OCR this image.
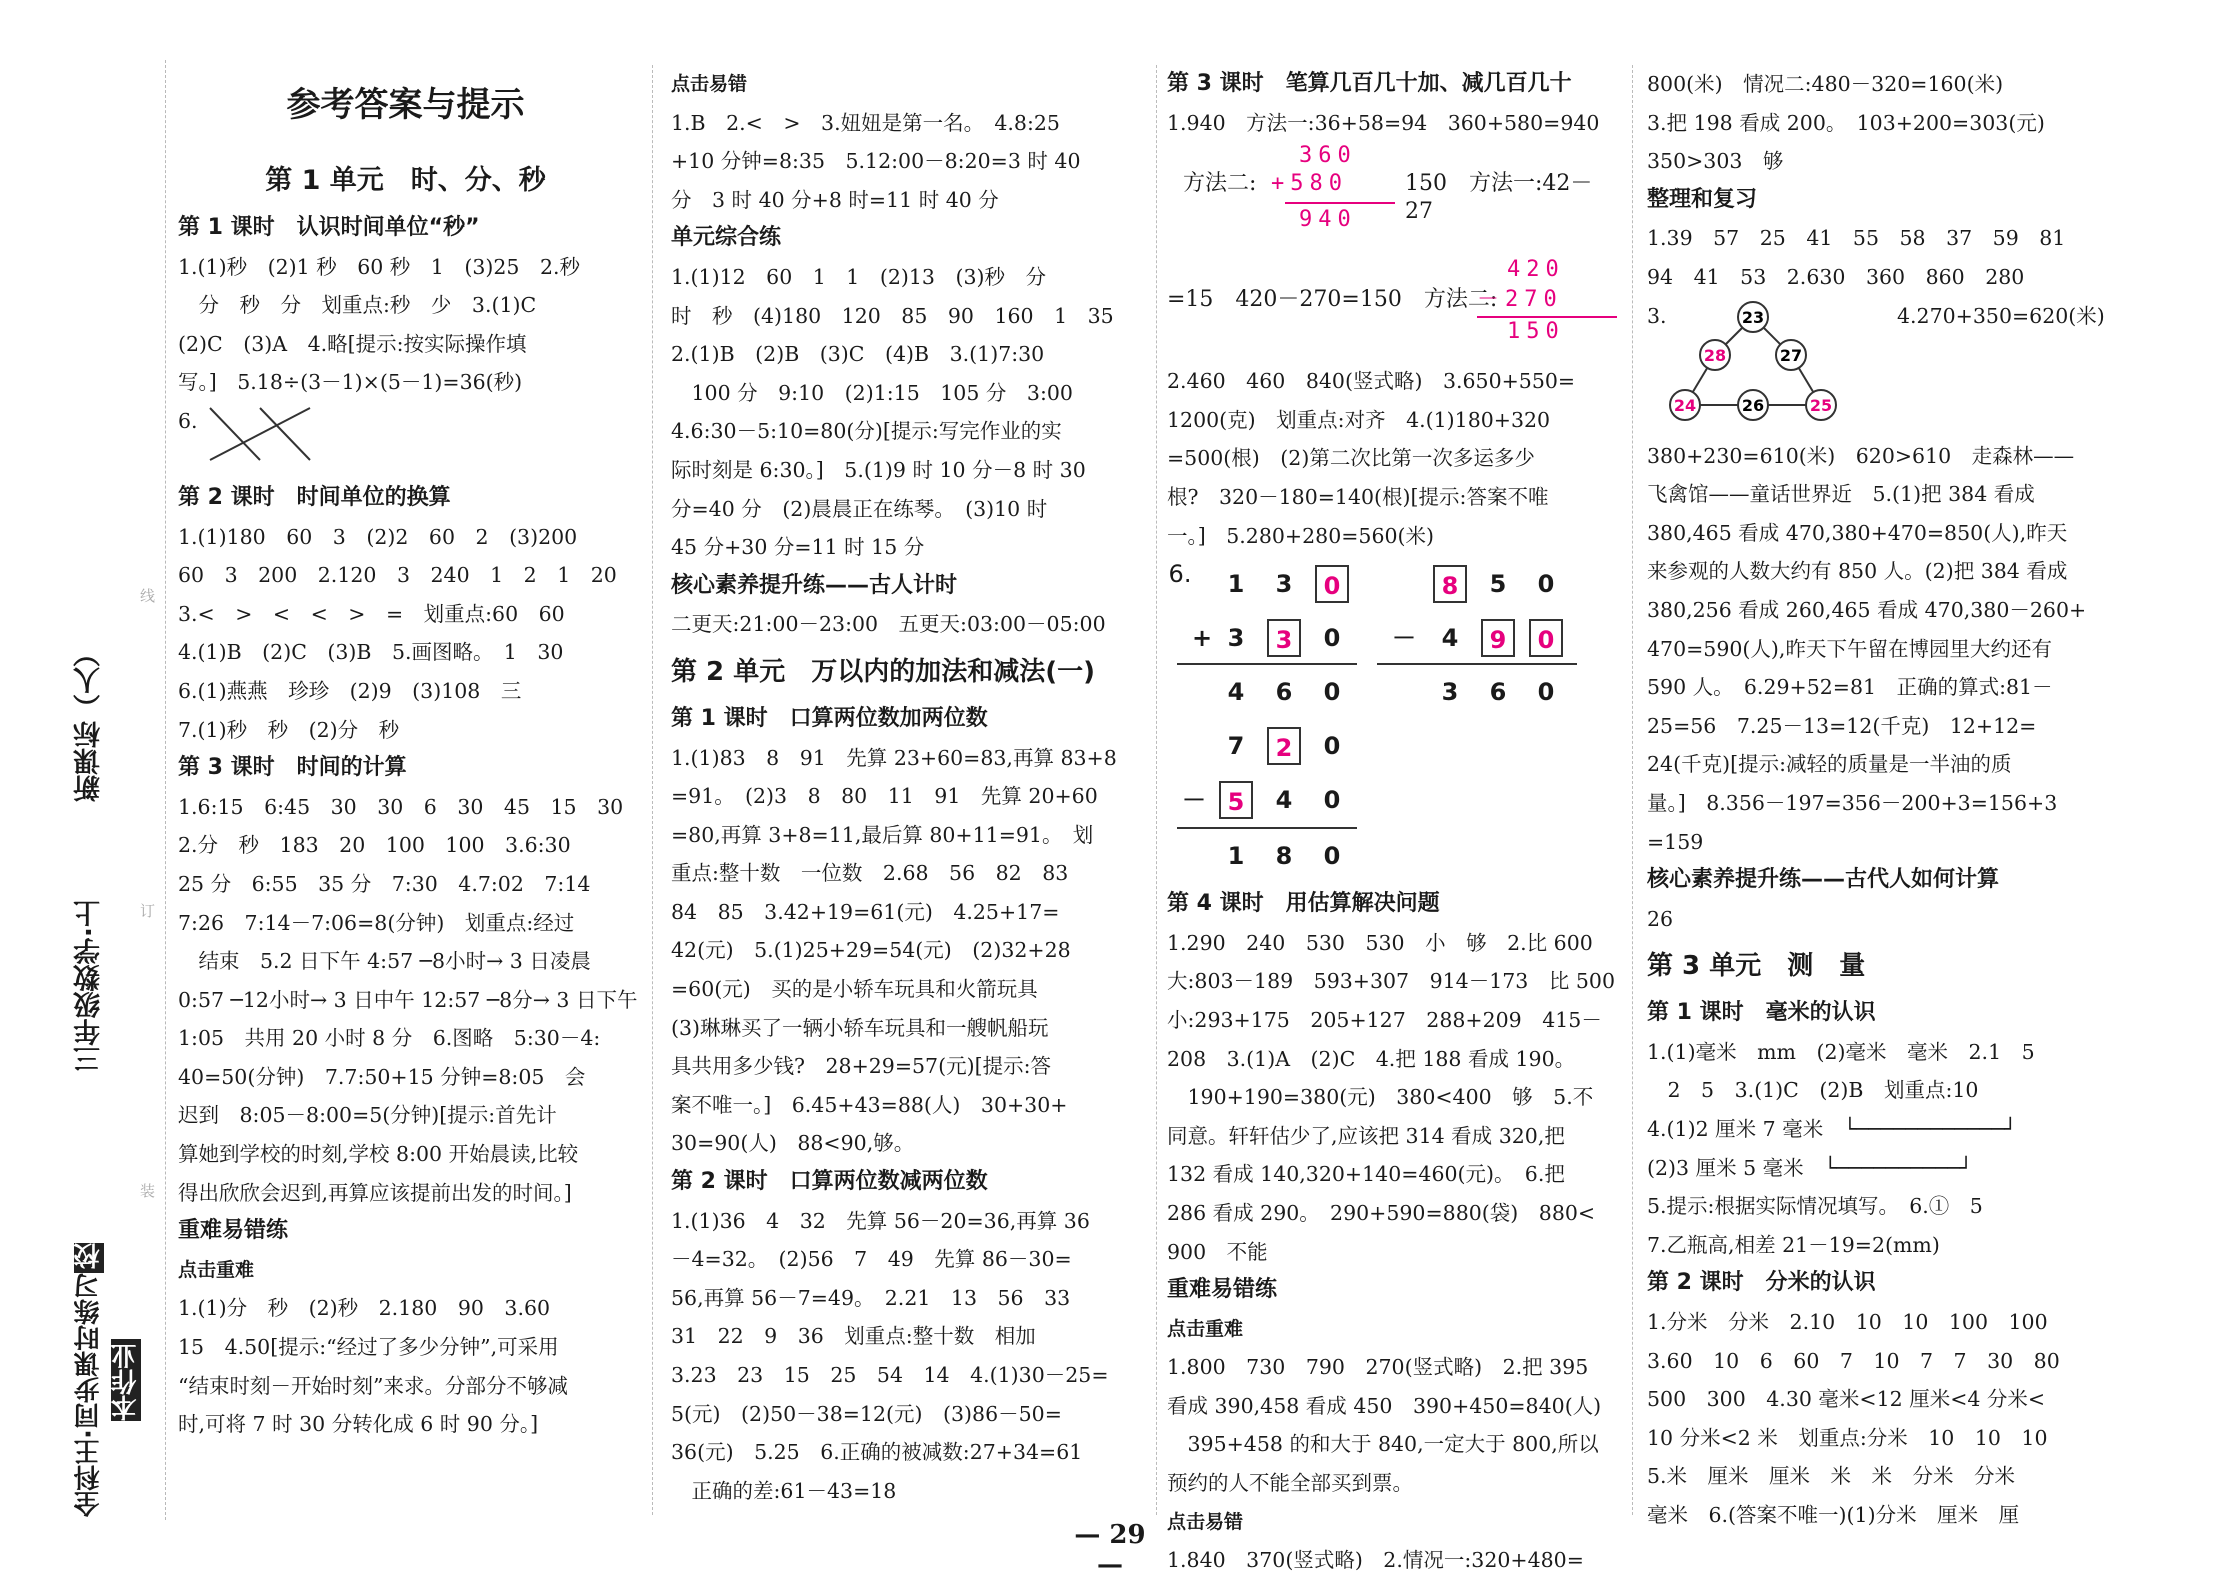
全科王·同步课时练习校本作业
三年级数学·上
新课标（人）
装
订
线
参考答案与提示
第 1 单元　时、分、秒
第 1 课时　认识时间单位“秒”
1.(1)秒　(2)1 秒　60 秒　1　(3)25　2.秒
　分　秒　分　划重点:秒　少　3.(1)C
(2)C　(3)A　4.略[提示:按实际操作填
写。]　5.18÷(3－1)×(5－1)=36(秒)
6.
第 2 课时　时间单位的换算
1.(1)180　60　3　(2)2　60　2　(3)200
60　3　200　2.120　3　240　1　2　1　20
3.<　>　<　<　>　=　划重点:60　60
4.(1)B　(2)C　(3)B　5.画图略。　1　30
6.(1)燕燕　珍珍　(2)9　(3)108　三
7.(1)秒　秒　(2)分　秒
第 3 课时　时间的计算
1.6:15　6:45　30　30　6　30　45　15　30
2.分　秒　183　20　100　100　3.6:30
25 分　6:55　35 分　7:30　4.7:02　7:14
7:26　7:14－7:06=8(分钟)　划重点:经过
　结束　5.2 日下午 4:57 ─8小时→ 3 日凌晨
0:57 ─12小时→ 3 日中午 12:57 ─8分→ 3 日下午
1:05　共用 20 小时 8 分　6.图略　5:30－4:
40=50(分钟)　7.7:50+15 分钟=8:05　会
迟到　8:05－8:00=5(分钟)[提示:首先计
算她到学校的时刻,学校 8:00 开始晨读,比较
得出欣欣会迟到,再算应该提前出发的时间。]
重难易错练
点击重难
1.(1)分　秒　(2)秒　2.180　90　3.60
15　4.50[提示:“经过了多少分钟”,可采用
“结束时刻－开始时刻”来求。分部分不够减
时,可将 7 时 30 分转化成 6 时 90 分。]
点击易错
1.B　2.<　>　3.妞妞是第一名。　4.8:25
+10 分钟=8:35　5.12:00－8:20=3 时 40
分　3 时 40 分+8 时=11 时 40 分
单元综合练
1.(1)12　60　1　1　(2)13　(3)秒　分
时　秒　(4)180　120　85　90　160　1　35
2.(1)B　(2)B　(3)C　(4)B　3.(1)7:30
　100 分　9:10　(2)1:15　105 分　3:00
4.6:30－5:10=80(分)[提示:写完作业的实
际时刻是 6:30。]　5.(1)9 时 10 分－8 时 30
分=40 分　(2)晨晨正在练琴。　(3)10 时
45 分+30 分=11 时 15 分
核心素养提升练——古人计时
二更天:21:00－23:00　五更天:03:00－05:00
第 2 单元　万以内的加法和减法(一)
第 1 课时　口算两位数加两位数
1.(1)83　8　91　先算 23+60=83,再算 83+8
=91。　(2)3　8　80　11　91　先算 20+60
=80,再算 3+8=11,最后算 80+11=91。　划
重点:整十数　一位数　2.68　56　82　83
84　85　3.42+19=61(元)　4.25+17=
42(元)　5.(1)25+29=54(元)　(2)32+28
=60(元)　买的是小轿车玩具和火箭玩具
(3)琳琳买了一辆小轿车玩具和一艘帆船玩
具共用多少钱?　28+29=57(元)[提示:答
案不唯一。]　6.45+43=88(人)　30+30+
30=90(人)　88<90,够。
第 2 课时　口算两位数减两位数
1.(1)36　4　32　先算 56－20=36,再算 36
－4=32。　(2)56　7　49　先算 86－30=
56,再算 56－7=49。　2.21　13　56　33
31　22　9　36　划重点:整十数　相加
3.23　23　15　25　54　14　4.(1)30－25=
5(元)　(2)50－38=12(元)　(3)86－50=
36(元)　5.25　6.正确的被减数:27+34=61
　正确的差:61－43=18
第 3 课时　笔算几百几十加、减几百几十
1.940　方法一:36+58=94　360+580=940
方法二:
360
+580
940
150　方法一:42－27
=15　420－270=150　方法二:
420
－270
150
2.460　460　840(竖式略)　3.650+550=
1200(克)　划重点:对齐　4.(1)180+320
=500(根)　(2)第二次比第一次多运多少
根?　320－180=140(根)[提示:答案不唯
一。]　5.280+280=560(米)
6.	1	3	0
+ 3	3	0
4	6	0
8	5	0
－	4	9	0
3	6	0
7	2	0
－ 5	4	0
1	8	0
第 4 课时　用估算解决问题
1.290　240　530　530　小　够　2.比 600
大:803－189　593+307　914－173　比 500
小:293+175　205+127　288+209　415－
208　3.(1)A　(2)C　4.把 188 看成 190。
　190+190=380(元)　380<400　够　5.不
同意。轩轩估少了,应该把 314 看成 320,把
132 看成 140,320+140=460(元)。　6.把
286 看成 290。　290+590=880(袋)　880<
900　不能
重难易错练
点击重难
1.800　730　790　270(竖式略)　2.把 395
看成 390,458 看成 450　390+450=840(人)
　395+458 的和大于 840,一定大于 800,所以
预约的人不能全部买到票。
点击易错
1.840　370(竖式略)　2.情况一:320+480=
800(米)　情况二:480－320=160(米)
3.把 198 看成 200。　103+200=303(元)
350>303　够
整理和复习
1.39　57　25　41　55　58　37　59　81
94　41　53　2.630　360　860　280
3.	23
28	27
24	26	25
4.270+350=620(米)
380+230=610(米)　620>610　走森林——
飞禽馆——童话世界近　5.(1)把 384 看成
380,465 看成 470,380+470=850(人),昨天
来参观的人数大约有 850 人。(2)把 384 看成
380,256 看成 260,465 看成 470,380－260+
470=590(人),昨天下午留在博园里大约还有
590 人。　6.29+52=81　正确的算式:81－
25=56　7.25－13=12(千克)　12+12=
24(千克)[提示:减轻的质量是一半油的质
量。]　8.356－197=356－200+3=156+3
=159
核心素养提升练——古代人如何计算
26
第 3 单元　测　量
第 1 课时　毫米的认识
1.(1)毫米　mm　(2)毫米　毫米　2.1　5
　2　5　3.(1)C　(2)B　划重点:10
4.(1)2 厘米 7 毫米　└────────────┘
(2)3 厘米 5 毫米　└──────────┘
5.提示:根据实际情况填写。　6.①　5
7.乙瓶高,相差 21－19=2(mm)
第 2 课时　分米的认识
1.分米　分米　2.10　10　10　100　100
3.60　10　6　60　7　10　7　7　30　80
500　300　4.30 毫米<12 厘米<4 分米<
10 分米<2 米　划重点:分米　10　10　10
5.米　厘米　厘米　米　米　分米　分米
毫米　6.(答案不唯一)(1)分米　厘米　厘
— 29 —
